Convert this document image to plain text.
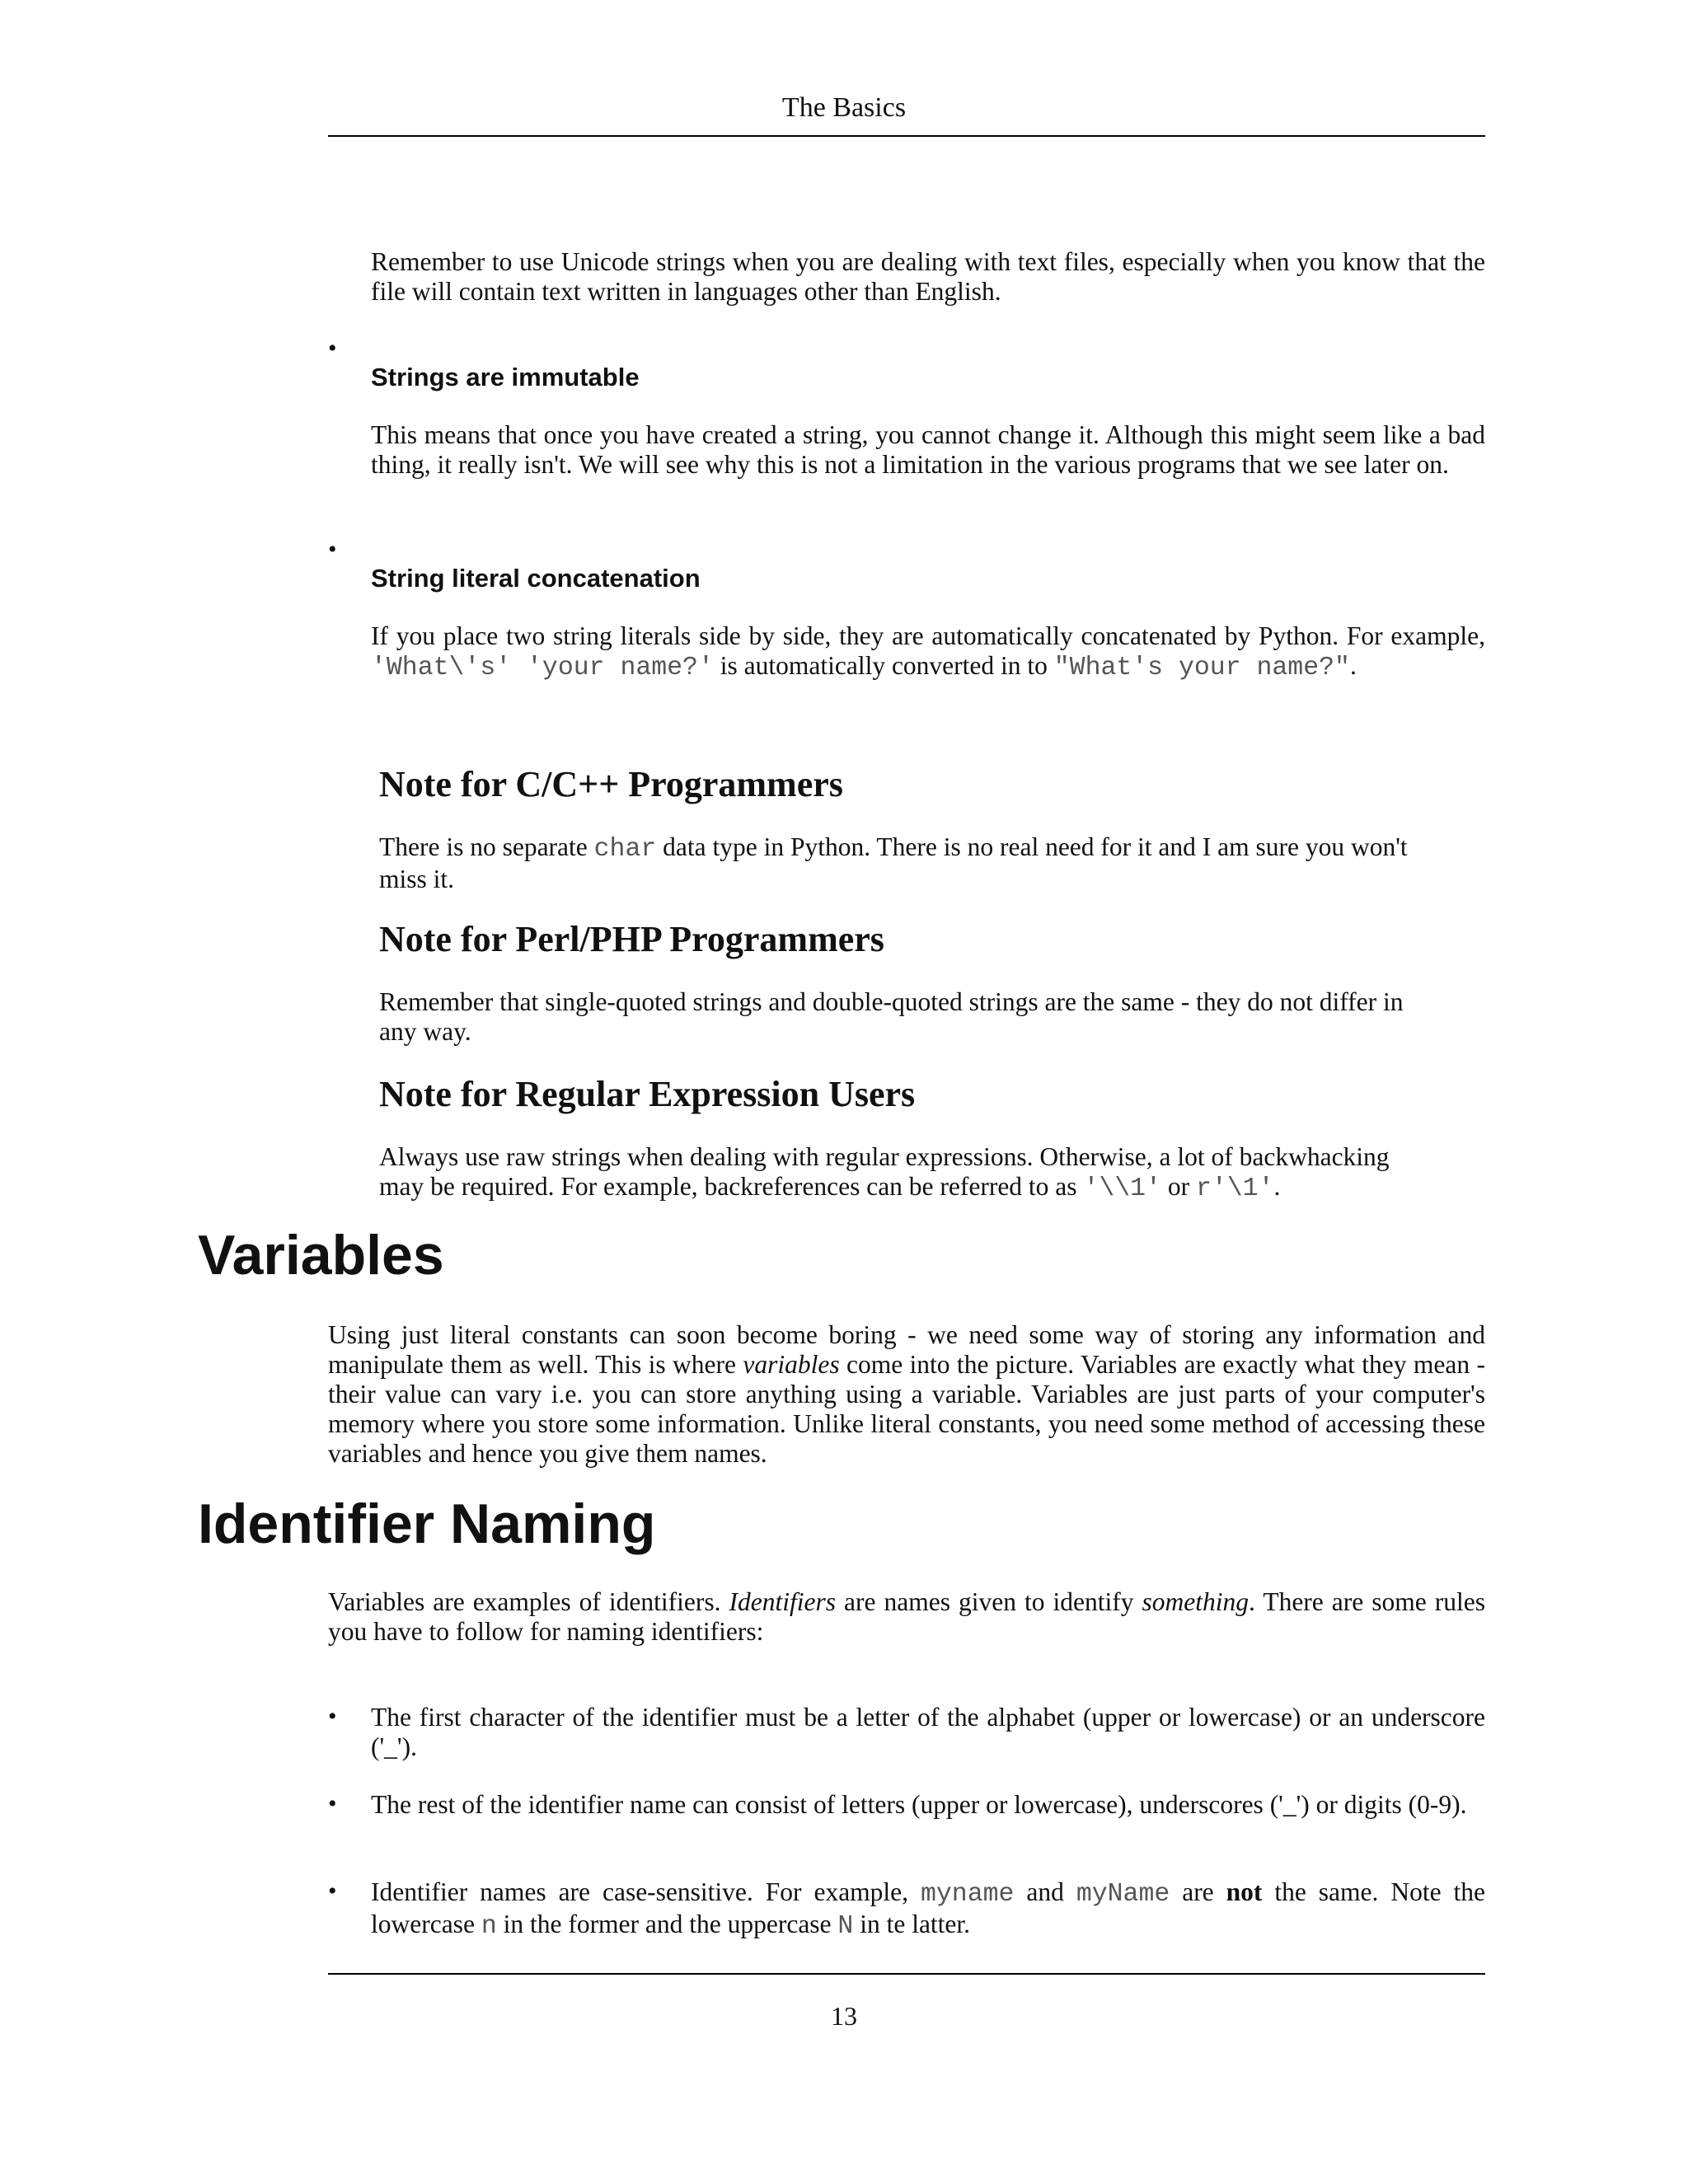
The Basics
Remember to use Unicode strings when you are dealing with text files, especially when you know that the file will contain text written in languages other than English.
•
Strings are immutable
This means that once you have created a string, you cannot change it. Although this might seem like a bad thing, it really isn't. We will see why this is not a limitation in the various programs that we see later on.
•
String literal concatenation
If you place two string literals side by side, they are automatically concatenated by Python. For example, 'What\'s' 'your name?' is automatically converted in to "What's your name?".
Note for C/C++ Programmers
There is no separate char data type in Python. There is no real need for it and I am sure you won't miss it.
Note for Perl/PHP Programmers
Remember that single-quoted strings and double-quoted strings are the same - they do not differ in any way.
Note for Regular Expression Users
Always use raw strings when dealing with regular expressions. Otherwise, a lot of backwhacking may be required. For example, backreferences can be referred to as '\\1' or r'\1'.
Variables
Using just literal constants can soon become boring - we need some way of storing any information and manipulate them as well. This is where variables come into the picture. Variables are exactly what they mean - their value can vary i.e. you can store anything using a variable. Variables are just parts of your computer's memory where you store some information. Unlike literal constants, you need some method of accessing these variables and hence you give them names.
Identifier Naming
Variables are examples of identifiers. Identifiers are names given to identify something. There are some rules you have to follow for naming identifiers:
• The first character of the identifier must be a letter of the alphabet (upper or lowercase) or an underscore ('_').
• The rest of the identifier name can consist of letters (upper or lowercase), underscores ('_') or digits (0-9).
• Identifier names are case-sensitive. For example, myname and myName are not the same. Note the lowercase n in the former and the uppercase N in te latter.
13
